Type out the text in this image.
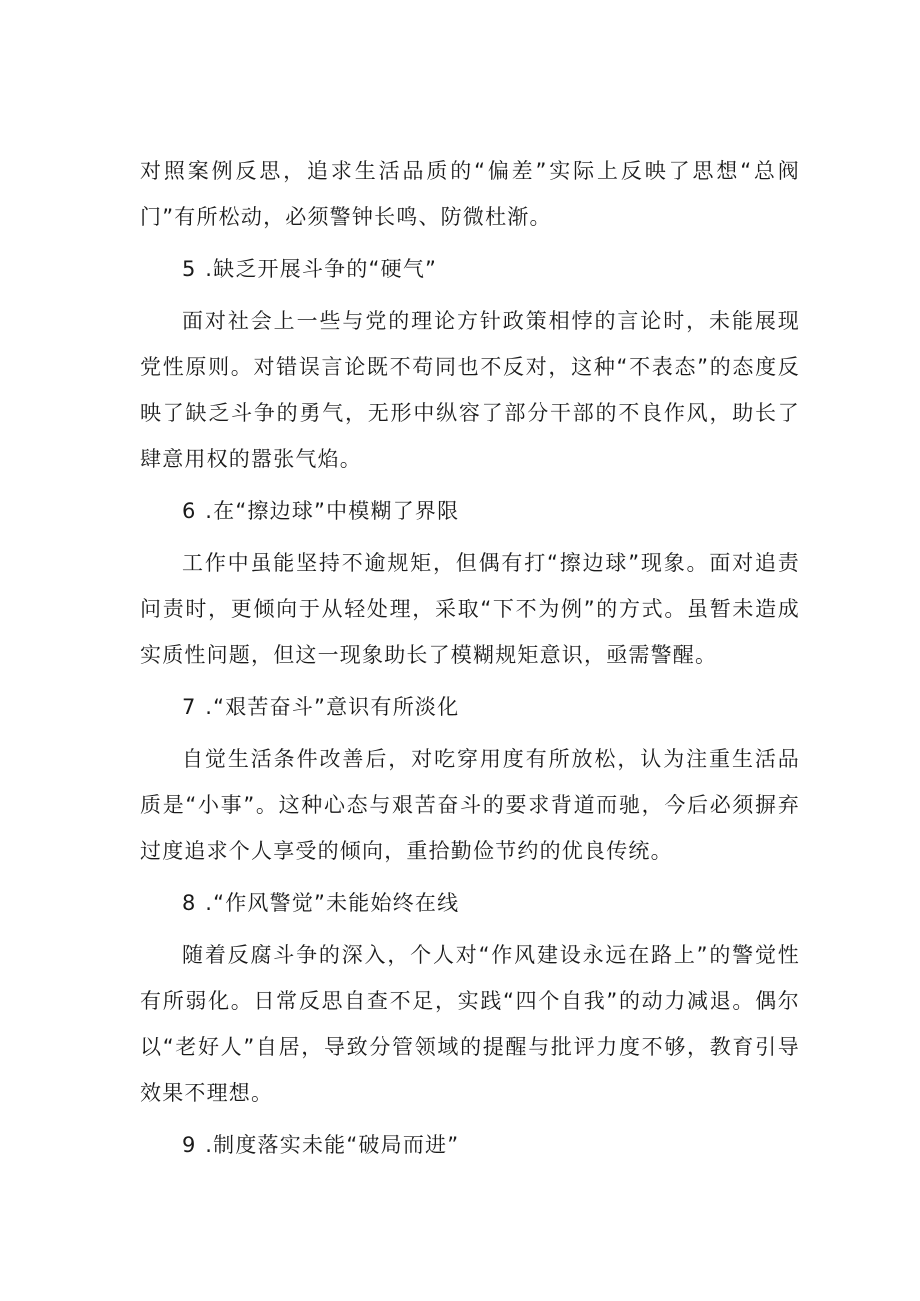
对照案例反思，追求生活品质的“偏差”实际上反映了思想“总阀门”有所松动，必须警钟长鸣、防微杜渐。

5 .缺乏开展斗争的“硬气”

面对社会上一些与党的理论方针政策相悖的言论时，未能展现党性原则。对错误言论既不苟同也不反对，这种“不表态”的态度反映了缺乏斗争的勇气，无形中纵容了部分干部的不良作风，助长了肆意用权的嚣张气焰。

6 .在“擦边球”中模糊了界限

工作中虽能坚持不逾规矩，但偶有打“擦边球”现象。面对追责问责时，更倾向于从轻处理，采取“下不为例”的方式。虽暂未造成实质性问题，但这一现象助长了模糊规矩意识，亟需警醒。

7 .“艰苦奋斗”意识有所淡化

自觉生活条件改善后，对吃穿用度有所放松，认为注重生活品质是“小事”。这种心态与艰苦奋斗的要求背道而驰，今后必须摒弃过度追求个人享受的倾向，重拾勤俭节约的优良传统。

8 .“作风警觉”未能始终在线

随着反腐斗争的深入，个人对“作风建设永远在路上”的警觉性有所弱化。日常反思自查不足，实践“四个自我”的动力减退。偶尔以“老好人”自居，导致分管领域的提醒与批评力度不够，教育引导效果不理想。

9 .制度落实未能“破局而进”
